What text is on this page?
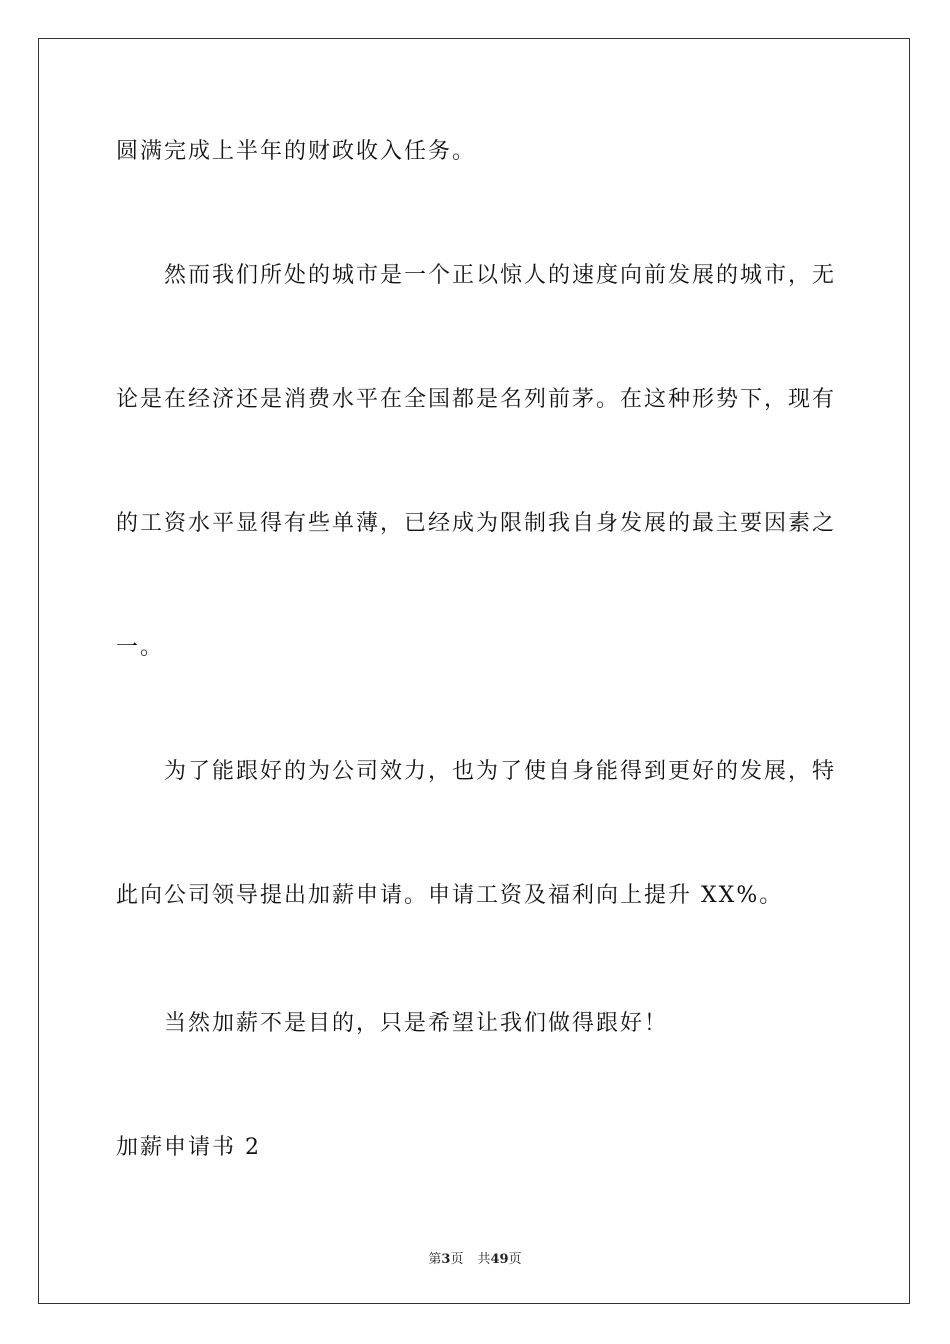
圆满完成上半年的财政收入任务。
然而我们所处的城市是一个正以惊人的速度向前发展的城市，无
论是在经济还是消费水平在全国都是名列前茅。在这种形势下，现有
的工资水平显得有些单薄，已经成为限制我自身发展的最主要因素之
一。
为了能跟好的为公司效力，也为了使自身能得到更好的发展，特
此向公司领导提出加薪申请。申请工资及福利向上提升 XX%。
当然加薪不是目的，只是希望让我们做得跟好！
加薪申请书 2
第3页 共49页
